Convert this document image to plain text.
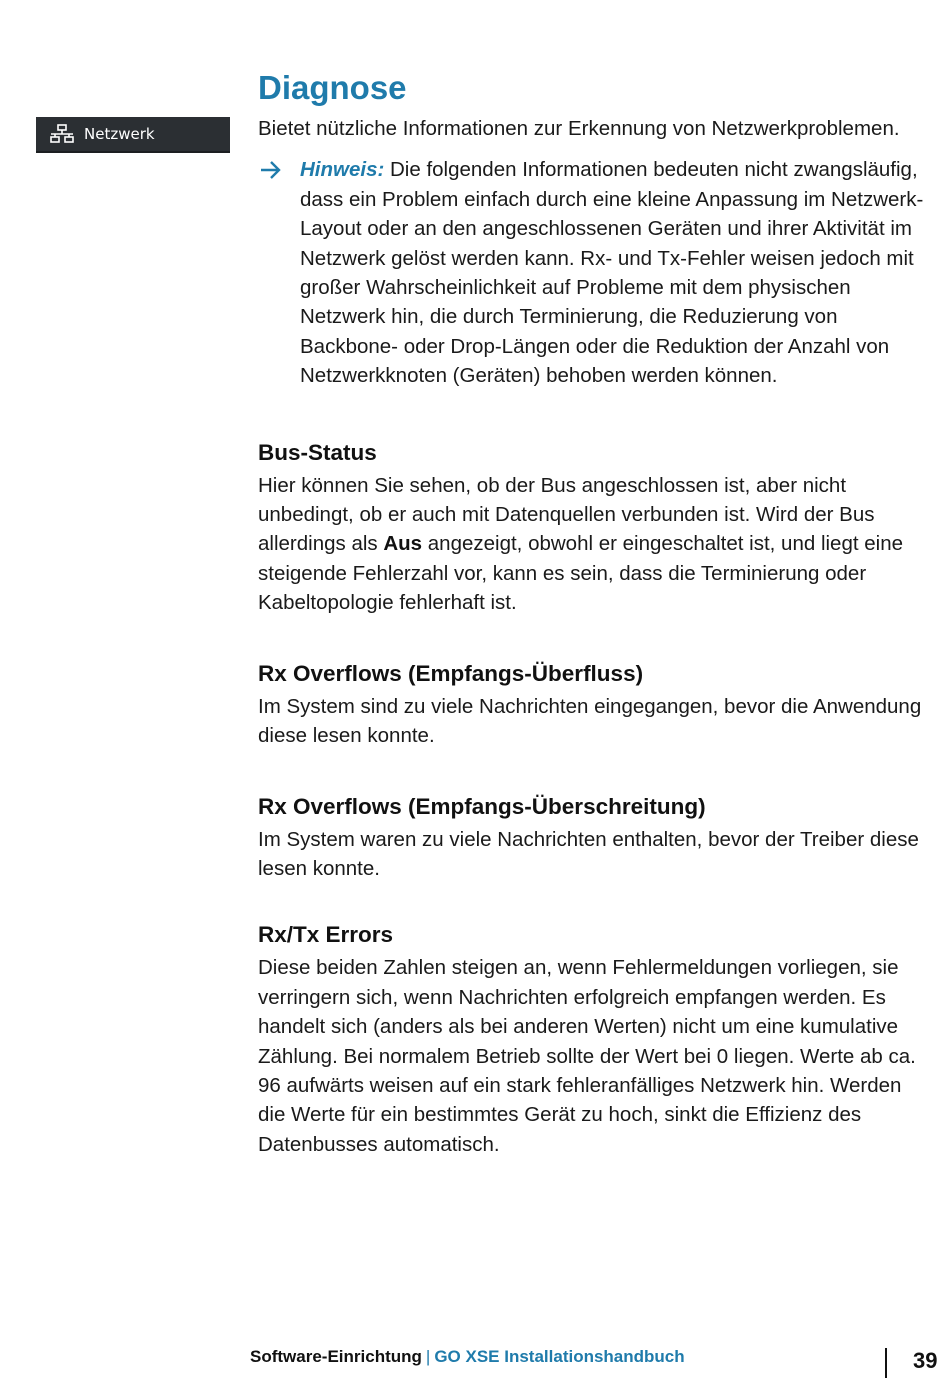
Netzwerk
Diagnose

Bietet nützliche Informationen zur Erkennung von Netzwerkproblemen.

Hinweis: Die folgenden Informationen bedeuten nicht zwangsläufig, dass ein Problem einfach durch eine kleine Anpassung im Netzwerk-Layout oder an den angeschlossenen Geräten und ihrer Aktivität im Netzwerk gelöst werden kann. Rx- und Tx-Fehler weisen jedoch mit großer Wahrscheinlichkeit auf Probleme mit dem physischen Netzwerk hin, die durch Terminierung, die Reduzierung von Backbone- oder Drop-Längen oder die Reduktion der Anzahl von Netzwerkknoten (Geräten) behoben werden können.

Bus-Status

Hier können Sie sehen, ob der Bus angeschlossen ist, aber nicht unbedingt, ob er auch mit Datenquellen verbunden ist. Wird der Bus allerdings als Aus angezeigt, obwohl er eingeschaltet ist, und liegt eine steigende Fehlerzahl vor, kann es sein, dass die Terminierung oder Kabeltopologie fehlerhaft ist.

Rx Overflows (Empfangs-Überfluss)

Im System sind zu viele Nachrichten eingegangen, bevor die Anwendung diese lesen konnte.

Rx Overflows (Empfangs-Überschreitung)

Im System waren zu viele Nachrichten enthalten, bevor der Treiber diese lesen konnte.

Rx/Tx Errors

Diese beiden Zahlen steigen an, wenn Fehlermeldungen vorliegen, sie verringern sich, wenn Nachrichten erfolgreich empfangen werden. Es handelt sich (anders als bei anderen Werten) nicht um eine kumulative Zählung. Bei normalem Betrieb sollte der Wert bei 0 liegen. Werte ab ca. 96 aufwärts weisen auf ein stark fehleranfälliges Netzwerk hin. Werden die Werte für ein bestimmtes Gerät zu hoch, sinkt die Effizienz des Datenbusses automatisch.

Software-Einrichtung | GO XSE Installationshandbuch	39
